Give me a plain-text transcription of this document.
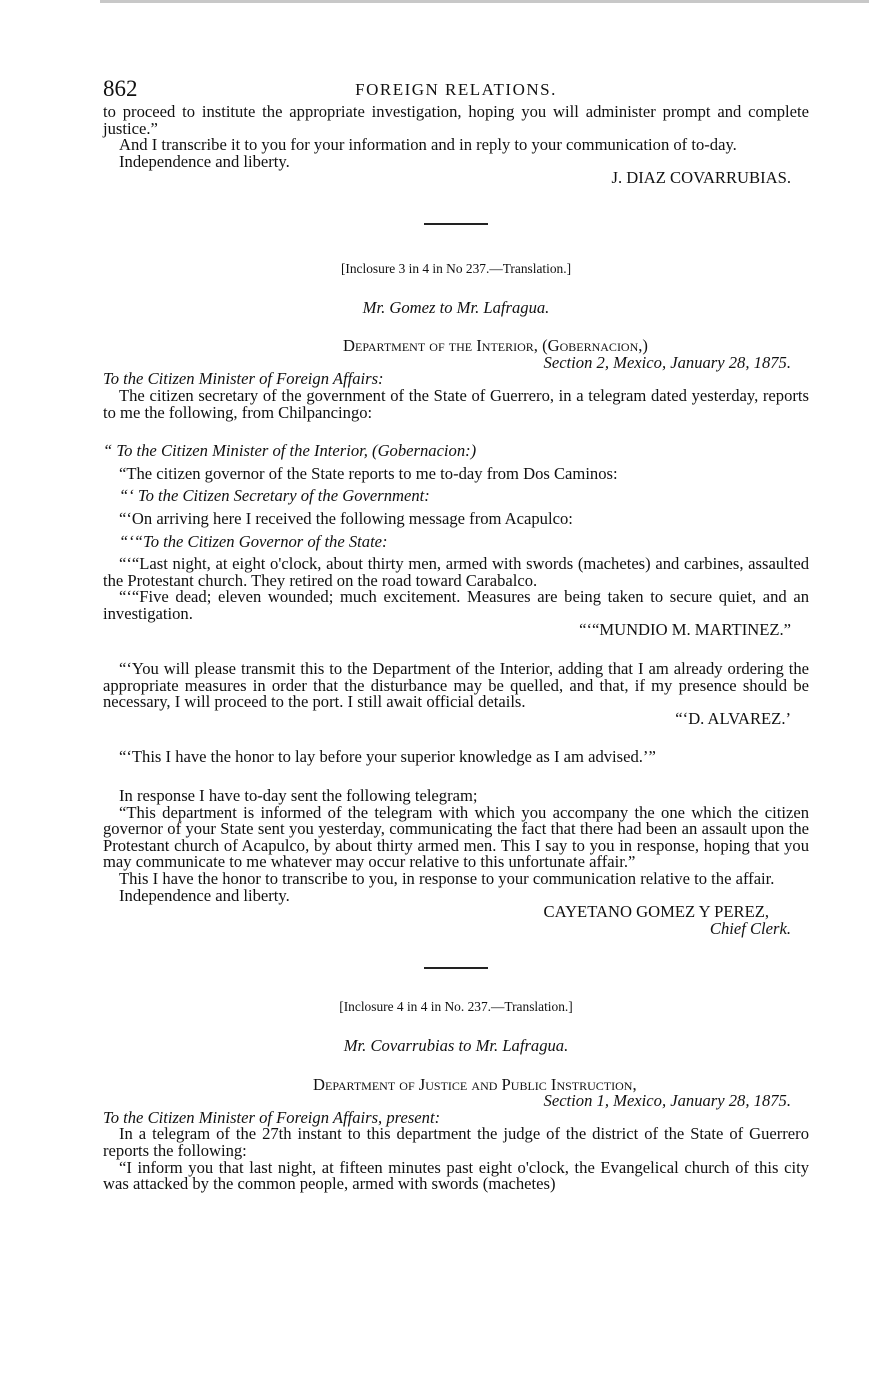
862	FOREIGN RELATIONS.

to proceed to institute the appropriate investigation, hoping you will administer prompt and complete justice.”

And I transcribe it to you for your information and in reply to your communication of to-day.

Independence and liberty.

J. DIAZ COVARRUBIAS.

[Inclosure 3 in 4 in No 237.—Translation.]

Mr. Gomez to Mr. Lafragua.

Department of the Interior, (Gobernacion,)

Section 2, Mexico, January 28, 1875.

To the Citizen Minister of Foreign Affairs:

The citizen secretary of the government of the State of Guerrero, in a telegram dated yesterday, reports to me the following, from Chilpancingo:

“ To the Citizen Minister of the Interior, (Gobernacion:)

“The citizen governor of the State reports to me to-day from Dos Caminos:

“‘ To the Citizen Secretary of the Government:

“‘On arriving here I received the following message from Acapulco:

“‘“To the Citizen Governor of the State:

“‘“Last night, at eight o'clock, about thirty men, armed with swords (machetes) and carbines, assaulted the Protestant church. They retired on the road toward Carabalco.

“‘“Five dead; eleven wounded; much excitement. Measures are being taken to secure quiet, and an investigation.

“‘“MUNDIO M. MARTINEZ.”

“‘You will please transmit this to the Department of the Interior, adding that I am already ordering the appropriate measures in order that the disturbance may be quelled, and that, if my presence should be necessary, I will proceed to the port. I still await official details.

“‘D. ALVAREZ.’

“‘This I have the honor to lay before your superior knowledge as I am advised.’”

In response I have to-day sent the following telegram;

“This department is informed of the telegram with which you accompany the one which the citizen governor of your State sent you yesterday, communicating the fact that there had been an assault upon the Protestant church of Acapulco, by about thirty armed men. This I say to you in response, hoping that you may communicate to me whatever may occur relative to this unfortunate affair.”

This I have the honor to transcribe to you, in response to your communication relative to the affair.

Independence and liberty.

CAYETANO GOMEZ Y PEREZ,

Chief Clerk.

[Inclosure 4 in 4 in No. 237.—Translation.]

Mr. Covarrubias to Mr. Lafragua.

Department of Justice and Public Instruction,

Section 1, Mexico, January 28, 1875.

To the Citizen Minister of Foreign Affairs, present:

In a telegram of the 27th instant to this department the judge of the district of the State of Guerrero reports the following:

“I inform you that last night, at fifteen minutes past eight o'clock, the Evangelical church of this city was attacked by the common people, armed with swords (machetes)
